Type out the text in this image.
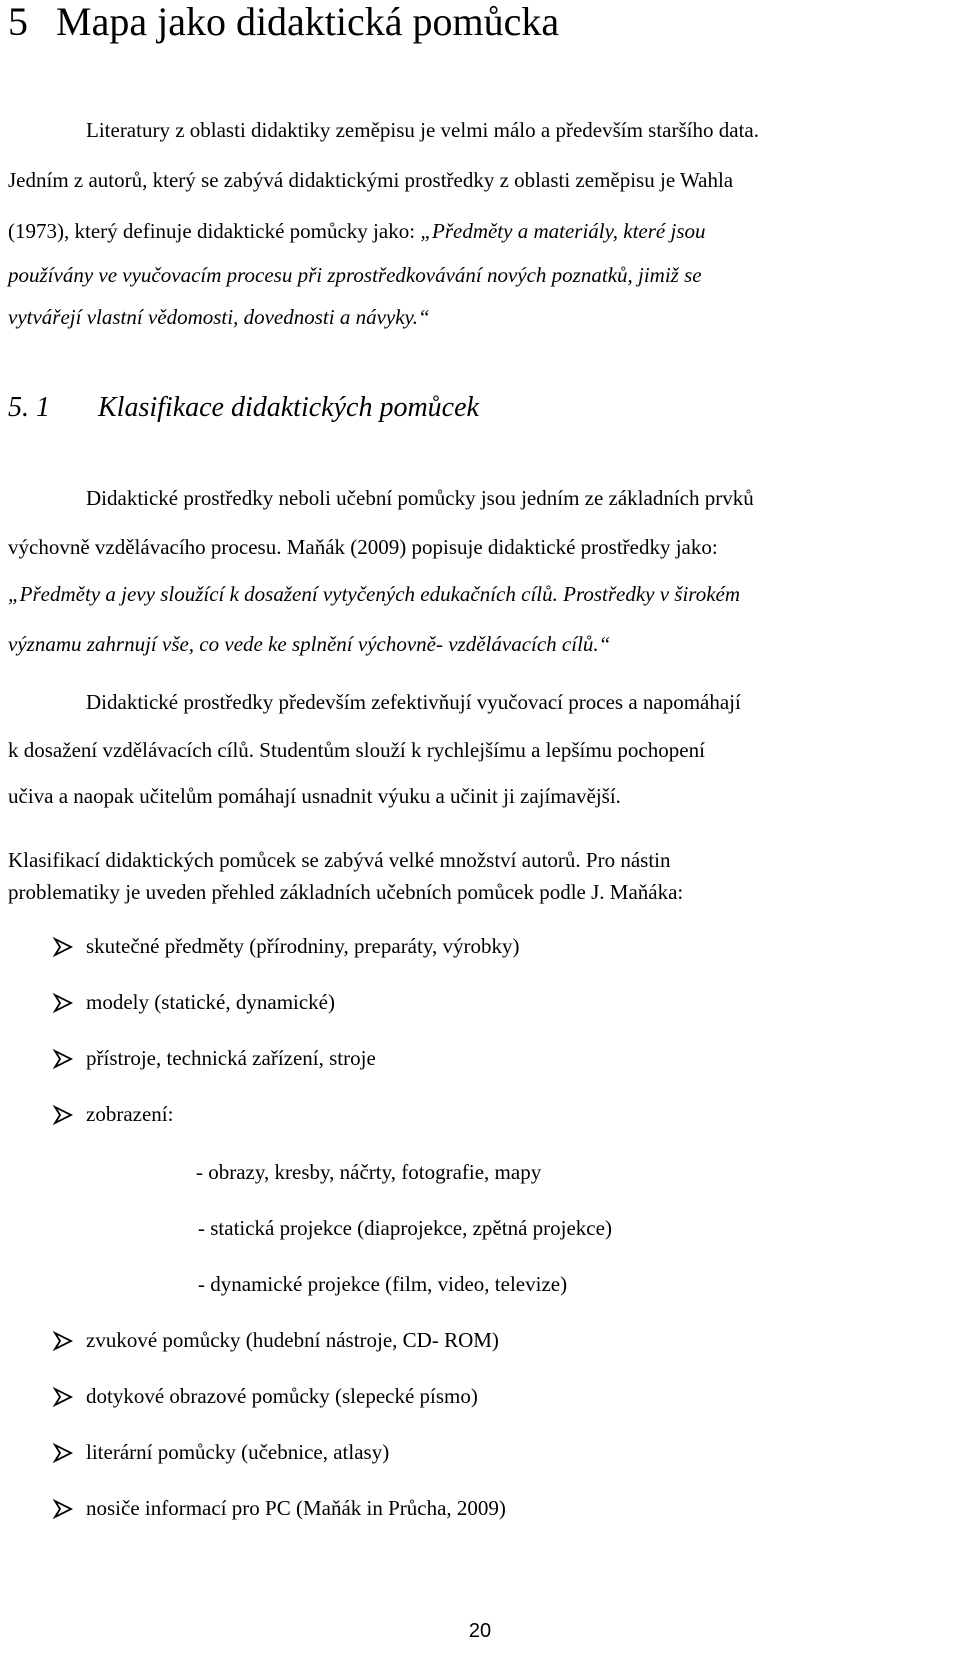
5 Mapa jako didaktická pomůcka
Literatury z oblasti didaktiky zeměpisu je velmi málo a především staršího data.
Jedním z autorů, který se zabývá didaktickými prostředky z oblasti zeměpisu je Wahla
(1973), který definuje didaktické pomůcky jako: „Předměty a materiály, které jsou
používány ve vyučovacím procesu při zprostředkovávání nových poznatků, jimiž se
vytvářejí vlastní vědomosti, dovednosti a návyky.“
5. 1 Klasifikace didaktických pomůcek
Didaktické prostředky neboli učební pomůcky jsou jedním ze základních prvků
výchovně vzdělávacího procesu. Maňák (2009) popisuje didaktické prostředky jako:
„Předměty a jevy sloužící k dosažení vytyčených edukačních cílů. Prostředky v širokém
významu zahrnují vše, co vede ke splnění výchovně- vzdělávacích cílů.“
Didaktické prostředky především zefektivňují vyučovací proces a napomáhají
k dosažení vzdělávacích cílů. Studentům slouží k rychlejšímu a lepšímu pochopení
učiva a naopak učitelům pomáhají usnadnit výuku a učinit ji zajímavější.
Klasifikací didaktických pomůcek se zabývá velké množství autorů. Pro nástin
problematiky je uveden přehled základních učebních pomůcek podle J. Maňáka:
skutečné předměty (přírodniny, preparáty, výrobky)
modely (statické, dynamické)
přístroje, technická zařízení, stroje
zobrazení:
- obrazy, kresby, náčrty, fotografie, mapy
- statická projekce (diaprojekce, zpětná projekce)
- dynamické projekce (film, video, televize)
zvukové pomůcky (hudební nástroje, CD- ROM)
dotykové obrazové pomůcky (slepecké písmo)
literární pomůcky (učebnice, atlasy)
nosiče informací pro PC (Maňák in Průcha, 2009)
20
